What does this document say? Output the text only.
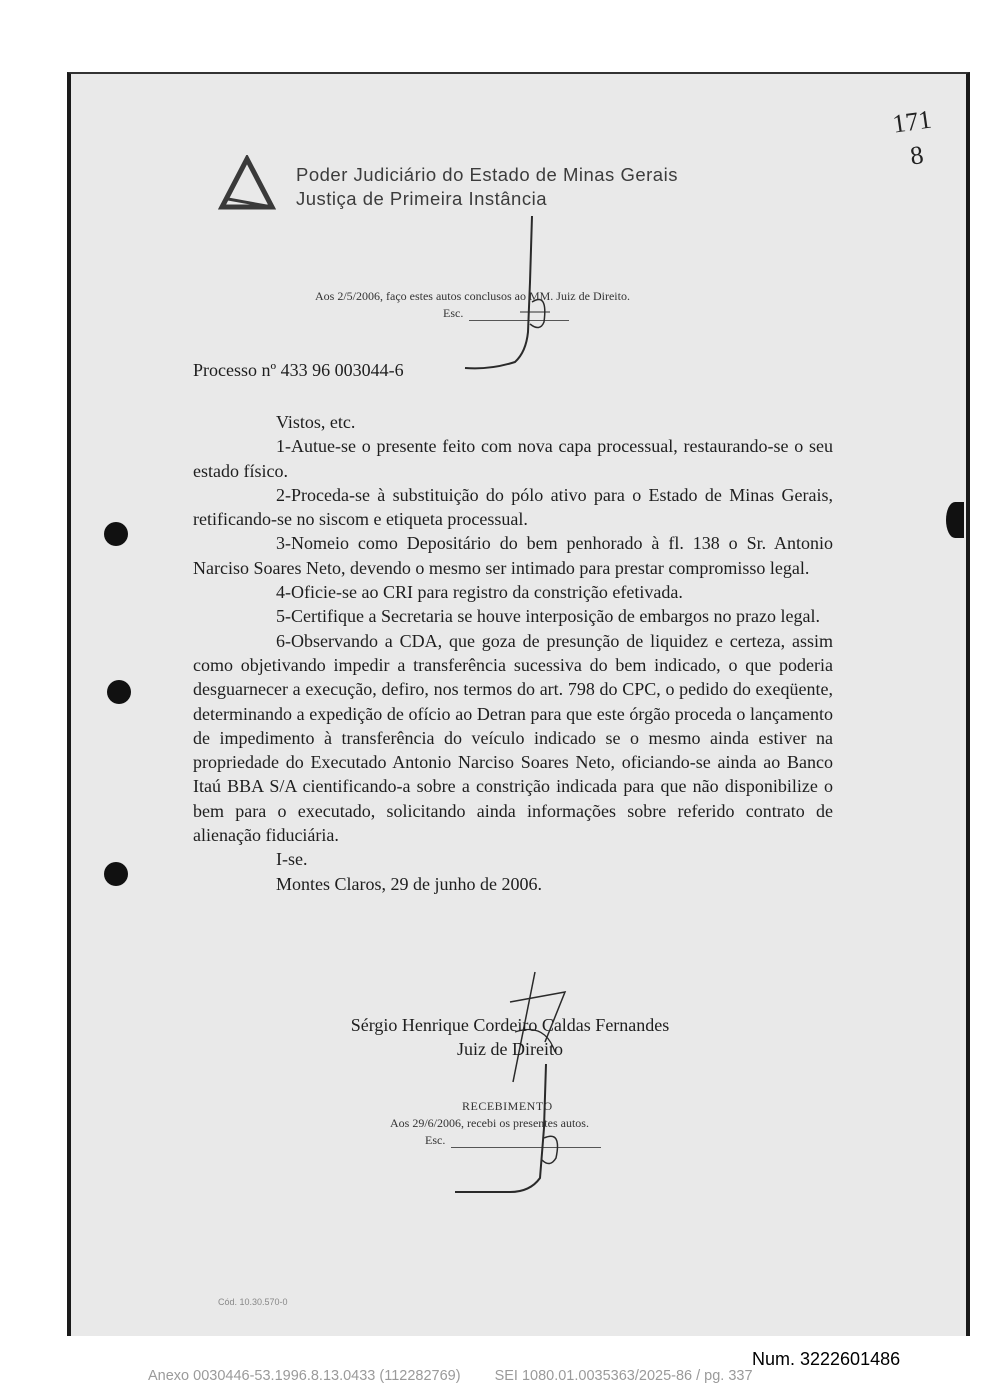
171
8
Poder Judiciário do Estado de Minas Gerais
Justiça de Primeira Instância
Aos 2/5/2006, faço estes autos conclusos ao MM. Juiz de Direito.
Esc.
Processo nº 433 96 003044-6

Vistos, etc.

1-Autue-se o presente feito com nova capa processual, restaurando-se o seu estado físico.

2-Proceda-se à substituição do pólo ativo para o Estado de Minas Gerais, retificando-se no siscom e etiqueta processual.

3-Nomeio como Depositário do bem penhorado à fl. 138 o Sr. Antonio Narciso Soares Neto, devendo o mesmo ser intimado para prestar compromisso legal.

4-Oficie-se ao CRI para registro da constrição efetivada.

5-Certifique a Secretaria se houve interposição de embargos no prazo legal.

6-Observando a CDA, que goza de presunção de liquidez e certeza, assim como objetivando impedir a transferência sucessiva do bem indicado, o que poderia desguarnecer a execução, defiro, nos termos do art. 798 do CPC, o pedido do exeqüente, determinando a expedição de ofício ao Detran para que este órgão proceda o lançamento de impedimento à transferência do veículo indicado se o mesmo ainda estiver na propriedade do Executado Antonio Narciso Soares Neto, oficiando-se ainda ao Banco Itaú BBA S/A cientificando-a sobre a constrição indicada para que não disponibilize o bem para o executado, solicitando ainda informações sobre referido contrato de alienação fiduciária.

I-se.

Montes Claros, 29 de junho de 2006.

Sérgio Henrique Cordeiro Caldas Fernandes
Juiz de Direito
RECEBIMENTO
Aos 29/6/2006, recebi os presentes autos.
Esc.
Cód. 10.30.570-0
Num. 3222601486
Anexo 0030446-53.1996.8.13.0433 (112282769) SEI 1080.01.0035363/2025-86 / pg. 337
